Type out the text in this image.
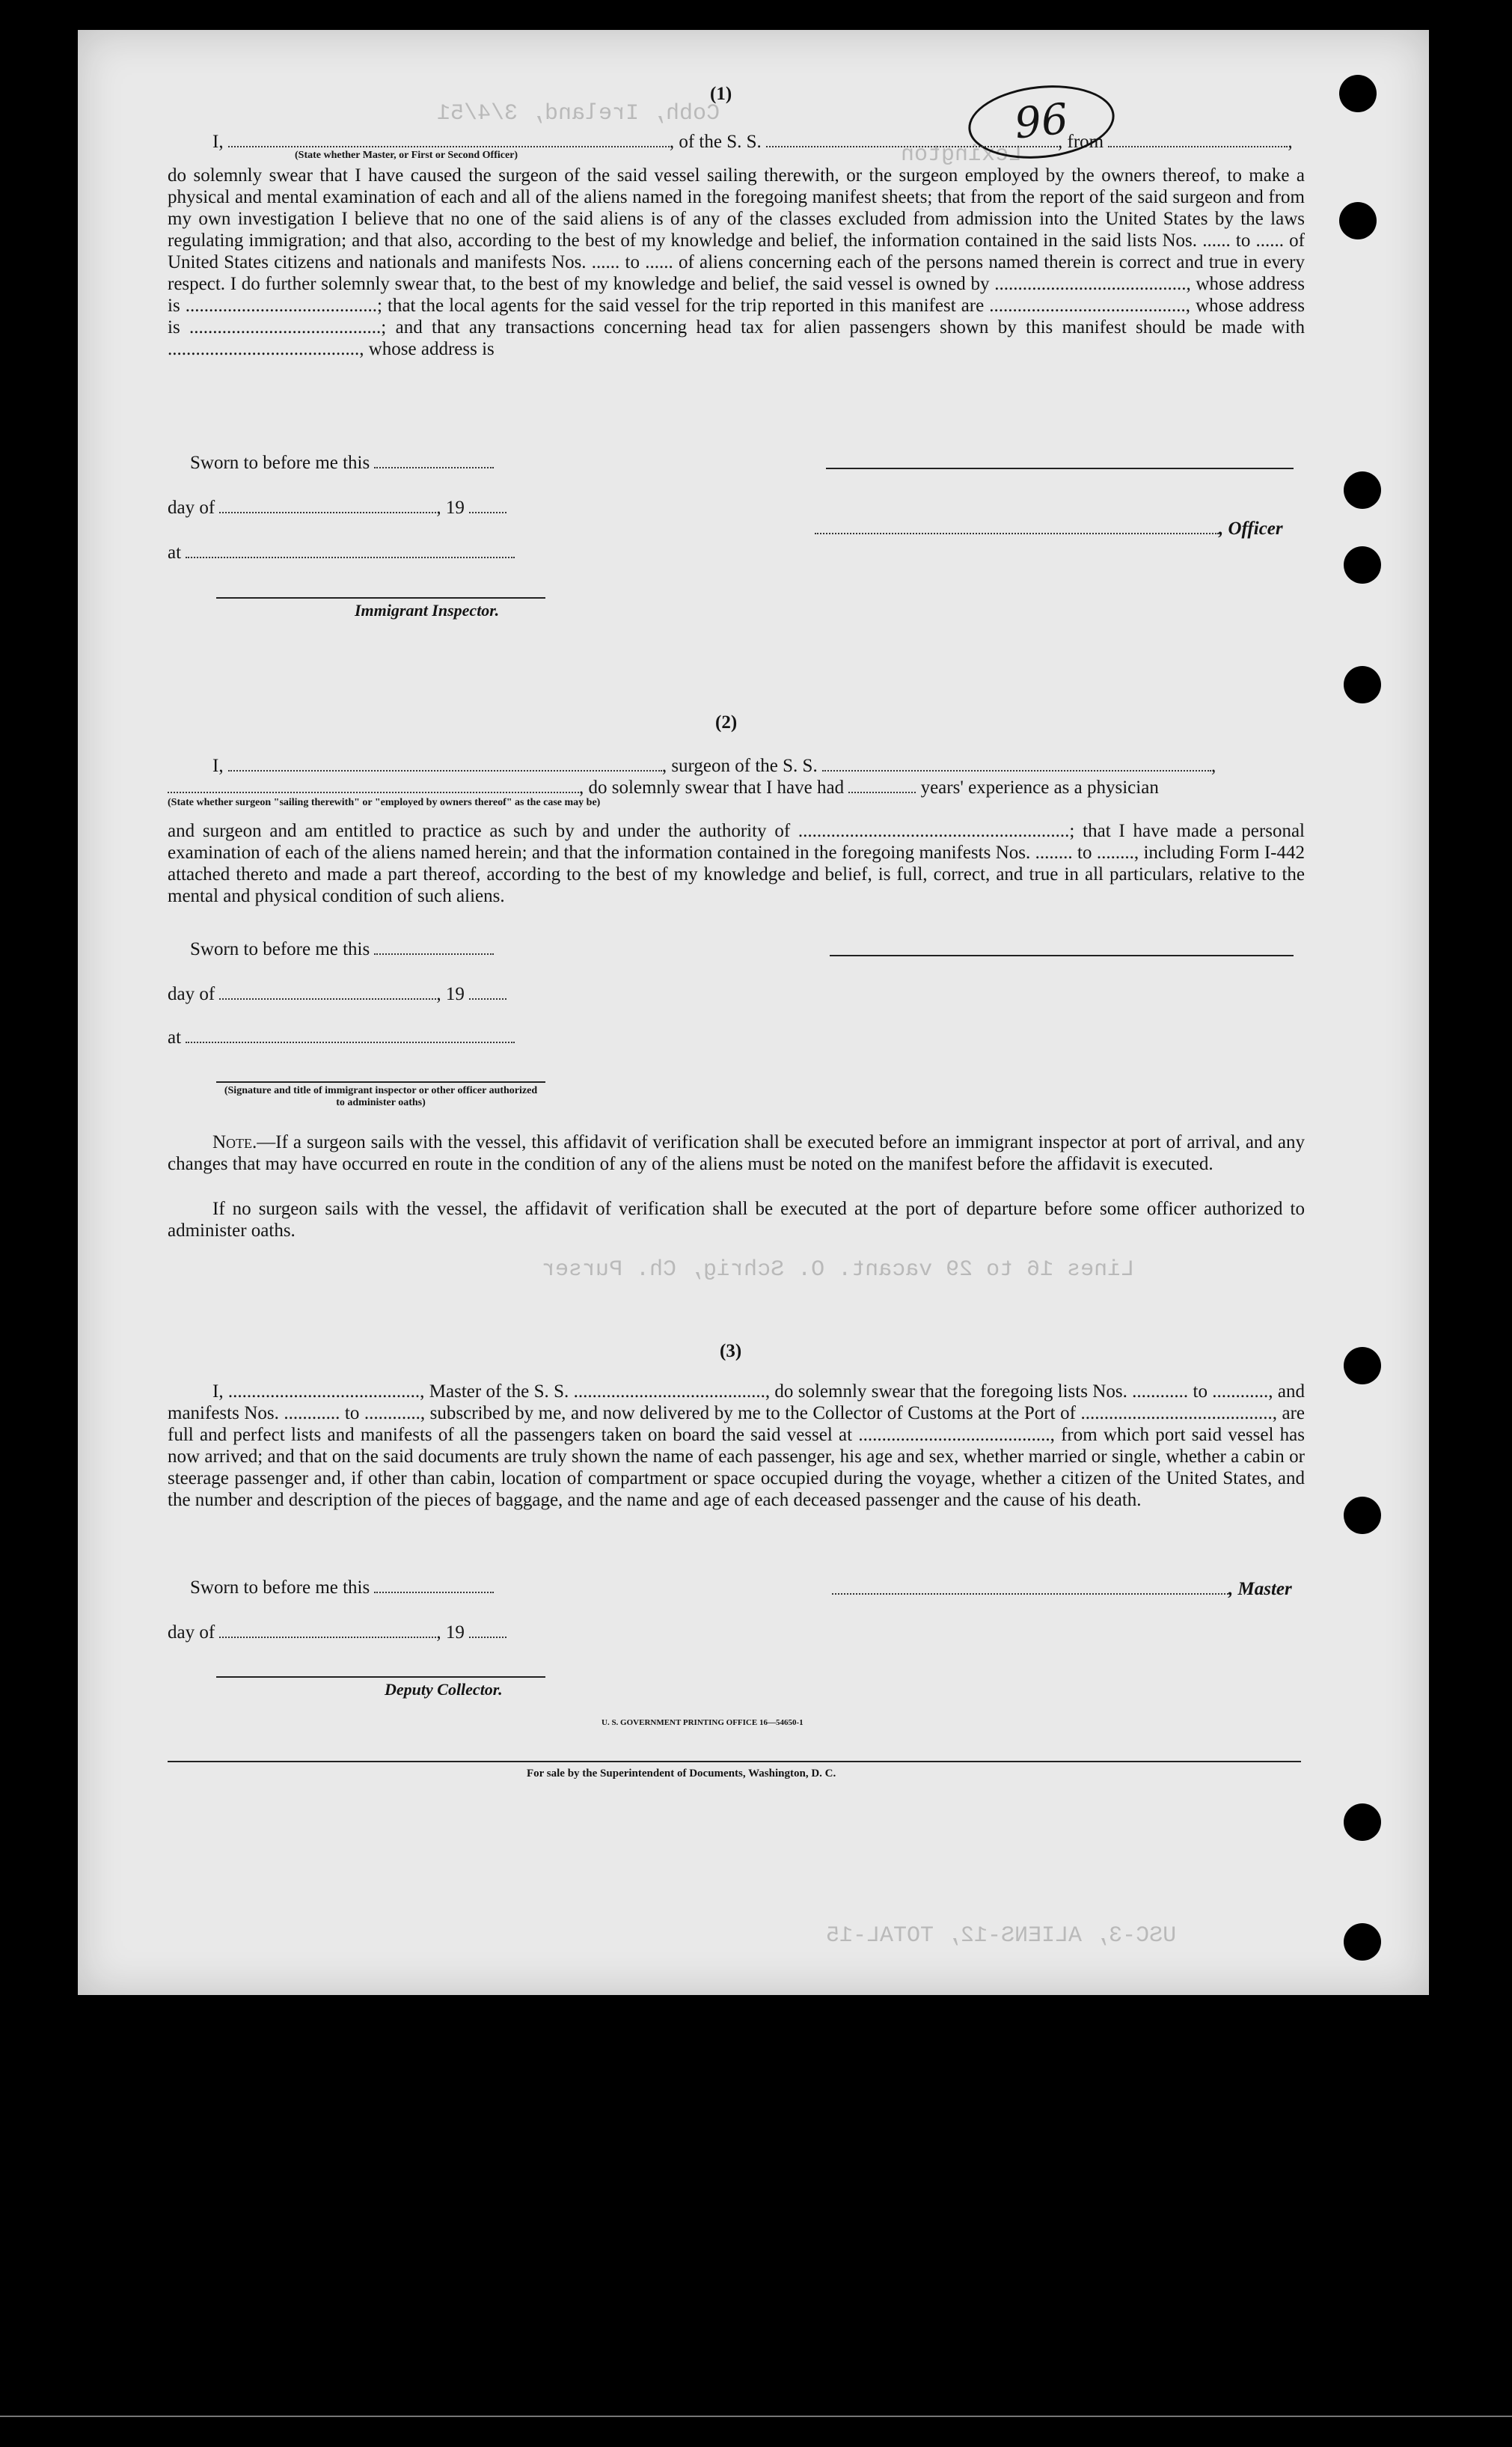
Cobh, Ireland, 3/4/51
Lexington
Lines 16 to 29 vacant. O. Schrig, Ch. Purser
USC-3, ALIENS-12, TOTAL-15
96
(1)
I,	, of the S. S.	, from	,
(State whether Master, or First or Second Officer)
do solemnly swear that I have caused the surgeon of the said vessel sailing therewith, or the surgeon employed by the owners thereof, to make a physical and mental examination of each and all of the aliens named in the foregoing manifest sheets; that from the report of the said surgeon and from my own investigation I believe that no one of the said aliens is of any of the classes excluded from admission into the United States by the laws regulating immigration; and that also, according to the best of my knowledge and belief, the information contained in the said lists Nos. ...... to ...... of United States citizens and nationals and manifests Nos. ...... to ...... of aliens concerning each of the persons named therein is correct and true in every respect. I do further solemnly swear that, to the best of my knowledge and belief, the said vessel is owned by ........................................., whose address is .........................................; that the local agents for the said vessel for the trip reported in this manifest are .........................................., whose address is .........................................; and that any transactions concerning head tax for alien passengers shown by this manifest should be made with ........................................., whose address is
Sworn to before me this
day of	, 19
at
, Officer
Immigrant Inspector.
(2)
I,	, surgeon of the S. S.	,
, do solemnly swear that I have had	years' experience as a physician
(State whether surgeon "sailing therewith" or "employed by owners thereof" as the case may be)
and surgeon and am entitled to practice as such by and under the authority of ..........................................................; that I have made a personal examination of each of the aliens named herein; and that the information contained in the foregoing manifests Nos. ........ to ........, including Form I-442 attached thereto and made a part thereof, according to the best of my knowledge and belief, is full, correct, and true in all particulars, relative to the mental and physical condition of such aliens.
Sworn to before me this
day of	, 19
at
(Signature and title of immigrant inspector or other officer authorized to administer oaths)
Note.—If a surgeon sails with the vessel, this affidavit of verification shall be executed before an immigrant inspector at port of arrival, and any changes that may have occurred en route in the condition of any of the aliens must be noted on the manifest before the affidavit is executed.
If no surgeon sails with the vessel, the affidavit of verification shall be executed at the port of departure before some officer authorized to administer oaths.
(3)
I, ........................................., Master of the S. S. ........................................., do solemnly swear that the foregoing lists Nos. ............ to ............, and manifests Nos. ............ to ............, subscribed by me, and now delivered by me to the Collector of Customs at the Port of ........................................., are full and perfect lists and manifests of all the passengers taken on board the said vessel at ........................................., from which port said vessel has now arrived; and that on the said documents are truly shown the name of each passenger, his age and sex, whether married or single, whether a cabin or steerage passenger and, if other than cabin, location of compartment or space occupied during the voyage, whether a citizen of the United States, and the number and description of the pieces of baggage, and the name and age of each deceased passenger and the cause of his death.
Sworn to before me this	, Master
day of	, 19
Deputy Collector.
U. S. GOVERNMENT PRINTING OFFICE 16—54650-1
For sale by the Superintendent of Documents, Washington, D. C.
